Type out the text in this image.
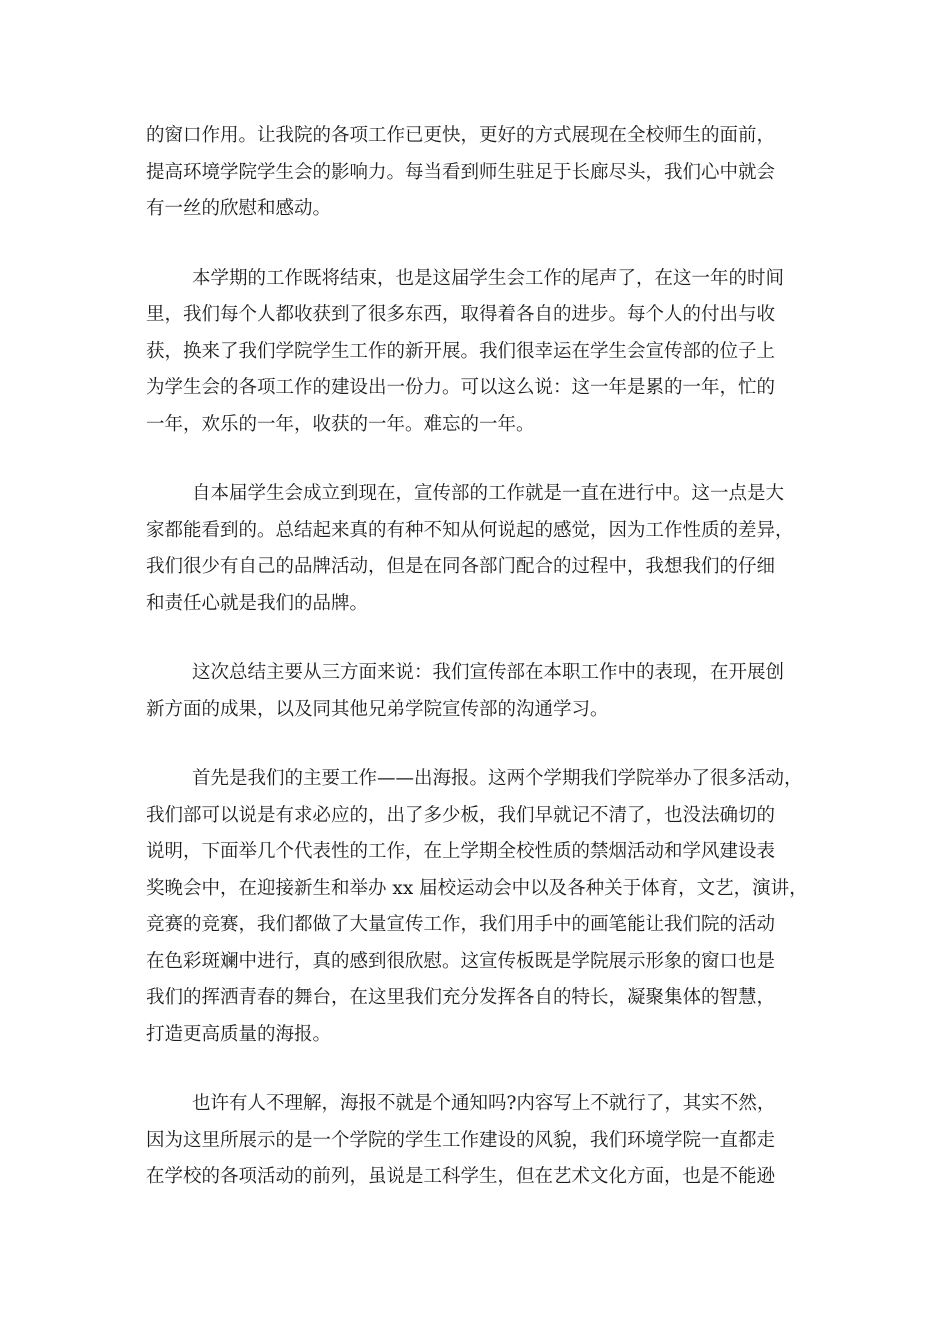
的窗口作用。让我院的各项工作已更快，更好的方式展现在全校师生的面前，
提高环境学院学生会的影响力。每当看到师生驻足于长廊尽头，我们心中就会
有一丝的欣慰和感动。
本学期的工作既将结束，也是这届学生会工作的尾声了，在这一年的时间
里，我们每个人都收获到了很多东西，取得着各自的进步。每个人的付出与收
获，换来了我们学院学生工作的新开展。我们很幸运在学生会宣传部的位子上
为学生会的各项工作的建设出一份力。可以这么说：这一年是累的一年，忙的
一年，欢乐的一年，收获的一年。难忘的一年。
自本届学生会成立到现在，宣传部的工作就是一直在进行中。这一点是大
家都能看到的。总结起来真的有种不知从何说起的感觉，因为工作性质的差异，
我们很少有自己的品牌活动，但是在同各部门配合的过程中，我想我们的仔细
和责任心就是我们的品牌。
这次总结主要从三方面来说：我们宣传部在本职工作中的表现，在开展创
新方面的成果，以及同其他兄弟学院宣传部的沟通学习。
首先是我们的主要工作——出海报。这两个学期我们学院举办了很多活动，
我们部可以说是有求必应的，出了多少板，我们早就记不清了，也没法确切的
说明，下面举几个代表性的工作，在上学期全校性质的禁烟活动和学风建设表
奖晚会中，在迎接新生和举办 xx 届校运动会中以及各种关于体育，文艺，演讲，
竞赛的竞赛，我们都做了大量宣传工作，我们用手中的画笔能让我们院的活动
在色彩斑斓中进行，真的感到很欣慰。这宣传板既是学院展示形象的窗口也是
我们的挥洒青春的舞台，在这里我们充分发挥各自的特长，凝聚集体的智慧，
打造更高质量的海报。
也许有人不理解，海报不就是个通知吗?内容写上不就行了，其实不然，
因为这里所展示的是一个学院的学生工作建设的风貌，我们环境学院一直都走
在学校的各项活动的前列，虽说是工科学生，但在艺术文化方面，也是不能逊
